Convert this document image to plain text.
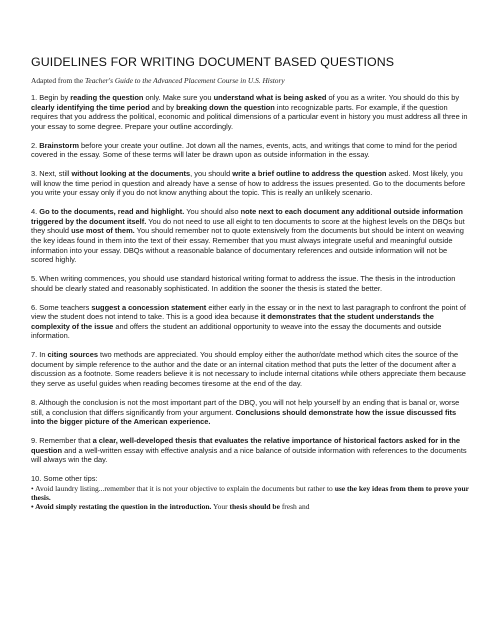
GUIDELINES FOR WRITING DOCUMENT BASED QUESTIONS
Adapted from the Teacher's Guide to the Advanced Placement Course in U.S. History

1. Begin by reading the question only. Make sure you understand what is being asked of you as a writer. You should do this by clearly identifying the time period and by breaking down the question into recognizable parts. For example, if the question requires that you address the political, economic and political dimensions of a particular event in history you must address all three in your essay to some degree. Prepare your outline accordingly.

2. Brainstorm before your create your outline. Jot down all the names, events, acts, and writings that come to mind for the period covered in the essay. Some of these terms will later be drawn upon as outside information in the essay.

3. Next, still without looking at the documents, you should write a brief outline to address the question asked. Most likely, you will know the time period in question and already have a sense of how to address the issues presented. Go to the documents before you write your essay only if you do not know anything about the topic. This is really an unlikely scenario.

4. Go to the documents, read and highlight. You should also note next to each document any additional outside information triggered by the document itself. You do not need to use all eight to ten documents to score at the highest levels on the DBQs but they should use most of them. You should remember not to quote extensively from the documents but should be intent on weaving the key ideas found in them into the text of their essay. Remember that you must always integrate useful and meaningful outside information into your essay. DBQs without a reasonable balance of documentary references and outside information will not be scored highly.

5. When writing commences, you should use standard historical writing format to address the issue. The thesis in the introduction should be clearly stated and reasonably sophisticated. In addition the sooner the thesis is stated the better.

6. Some teachers suggest a concession statement either early in the essay or in the next to last paragraph to confront the point of view the student does not intend to take. This is a good idea because it demonstrates that the student understands the complexity of the issue and offers the student an additional opportunity to weave into the essay the documents and outside information.

7. In citing sources two methods are appreciated. You should employ either the author/date method which cites the source of the document by simple reference to the author and the date or an internal citation method that puts the letter of the document after a discussion as a footnote. Some readers believe it is not necessary to include internal citations while others appreciate them because they serve as useful guides when reading becomes tiresome at the end of the day.

8. Although the conclusion is not the most important part of the DBQ, you will not help yourself by an ending that is banal or, worse still, a conclusion that differs significantly from your argument. Conclusions should demonstrate how the issue discussed fits into the bigger picture of the American experience.

9. Remember that a clear, well-developed thesis that evaluates the relative importance of historical factors asked for in the question and a well-written essay with effective analysis and a nice balance of outside information with references to the documents will always win the day.

10. Some other tips:

• Avoid laundry listing...remember that it is not your objective to explain the documents but rather to use the key ideas from them to prove your thesis.

• Avoid simply restating the question in the introduction. Your thesis should be fresh and
